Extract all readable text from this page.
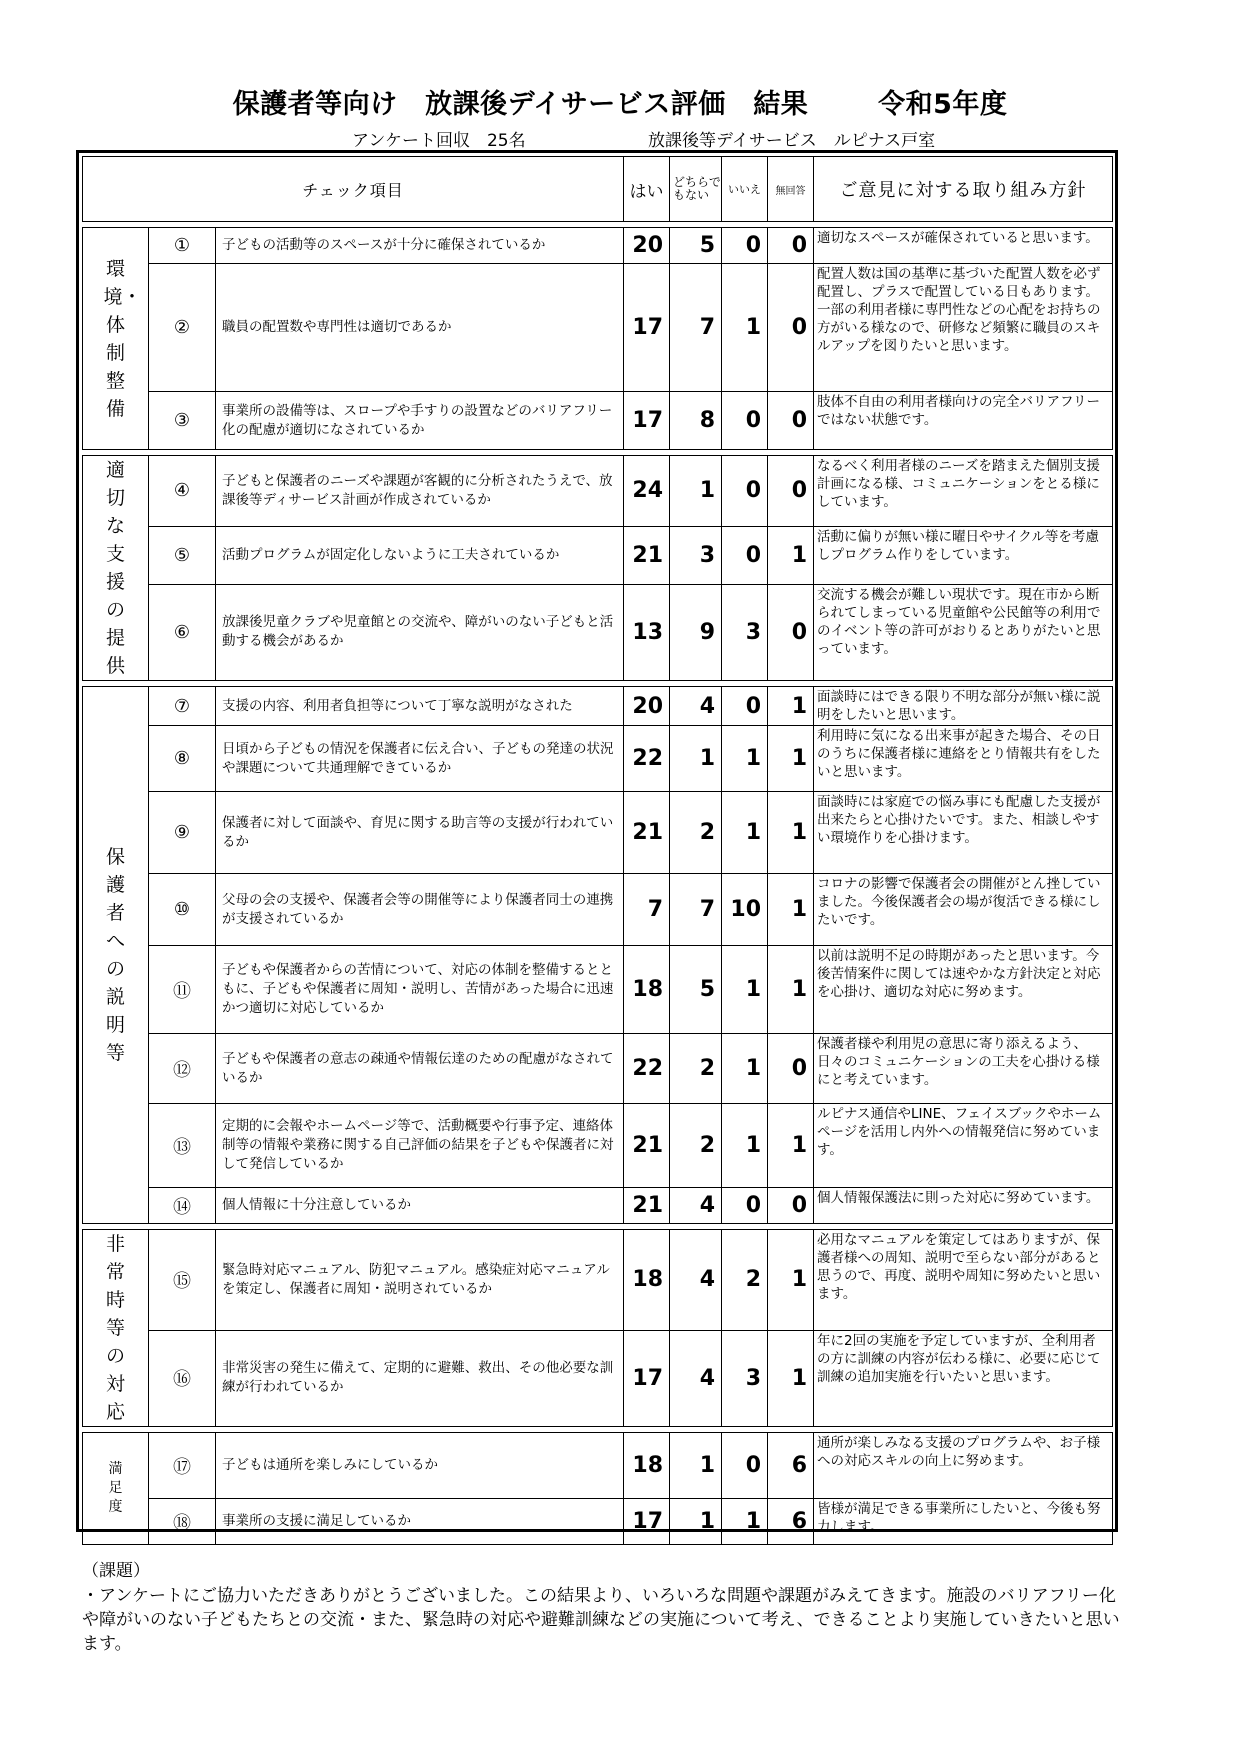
保護者等向け　放課後デイサービス評価　結果	令和5年度
アンケート回収　25名	放課後等デイサービス　ルピナス戸室
チェック項目			はい	どちらでもない	いいえ	無回答	ご意見に対する取り組み方針

環境・体制整備	①	子どもの活動等のスペースが十分に確保されているか	20	5	0	0	適切なスペースが確保されていると思います。
	②	職員の配置数や専門性は適切であるか	17	7	1	0	配置人数は国の基準に基づいた配置人数を必ず配置し、プラスで配置している日もあります。一部の利用者様に専門性などの心配をお持ちの方がいる様なので、研修など頻繁に職員のスキルアップを図りたいと思います。
	③	事業所の設備等は、スロープや手すりの設置などのバリアフリー化の配慮が適切になされているか	17	8	0	0	肢体不自由の利用者様向けの完全バリアフリーではない状態です。

適切な支援の提供	④	子どもと保護者のニーズや課題が客観的に分析されたうえで、放課後等ディサービス計画が作成されているか	24	1	0	0	なるべく利用者様のニーズを踏まえた個別支援計画になる様、コミュニケーションをとる様にしています。
	⑤	活動プログラムが固定化しないように工夫されているか	21	3	0	1	活動に偏りが無い様に曜日やサイクル等を考慮しプログラム作りをしています。
	⑥	放課後児童クラブや児童館との交流や、障がいのない子どもと活動する機会があるか	13	9	3	0	交流する機会が難しい現状です。現在市から断られてしまっている児童館や公民館等の利用でのイベント等の許可がおりるとありがたいと思っています。

保護者への説明等	⑦	支援の内容、利用者負担等について丁寧な説明がなされた	20	4	0	1	面談時にはできる限り不明な部分が無い様に説明をしたいと思います。
	⑧	日頃から子どもの情況を保護者に伝え合い、子どもの発達の状況や課題について共通理解できているか	22	1	1	1	利用時に気になる出来事が起きた場合、その日のうちに保護者様に連絡をとり情報共有をしたいと思います。
	⑨	保護者に対して面談や、育児に関する助言等の支援が行われているか	21	2	1	1	面談時には家庭での悩み事にも配慮した支援が出来たらと心掛けたいです。また、相談しやすい環境作りを心掛けます。
	⑩	父母の会の支援や、保護者会等の開催等により保護者同士の連携が支援されているか	7	7	10	1	コロナの影響で保護者会の開催がとん挫していました。今後保護者会の場が復活できる様にしたいです。
	⑪	子どもや保護者からの苦情について、対応の体制を整備するとともに、子どもや保護者に周知・説明し、苦情があった場合に迅速かつ適切に対応しているか	18	5	1	1	以前は説明不足の時期があったと思います。今後苦情案件に関しては速やかな方針決定と対応を心掛け、適切な対応に努めます。
	⑫	子どもや保護者の意志の疎通や情報伝達のための配慮がなされているか	22	2	1	0	保護者様や利用児の意思に寄り添えるよう、日々のコミュニケーションの工夫を心掛ける様にと考えています。
	⑬	定期的に会報やホームページ等で、活動概要や行事予定、連絡体制等の情報や業務に関する自己評価の結果を子どもや保護者に対して発信しているか	21	2	1	1	ルピナス通信やLINE、フェイスブックやホームページを活用し内外への情報発信に努めています。
	⑭	個人情報に十分注意しているか	21	4	0	0	個人情報保護法に則った対応に努めています。

非常時等の対応	⑮	緊急時対応マニュアル、防犯マニュアル。感染症対応マニュアルを策定し、保護者に周知・説明されているか	18	4	2	1	必用なマニュアルを策定してはありますが、保護者様への周知、説明で至らない部分があると思うので、再度、説明や周知に努めたいと思います。
	⑯	非常災害の発生に備えて、定期的に避難、救出、その他必要な訓練が行われているか	17	4	3	1	年に2回の実施を予定していますが、全利用者の方に訓練の内容が伝わる様に、必要に応じて訓練の追加実施を行いたいと思います。

満足度	⑰	子どもは通所を楽しみにしているか	18	1	0	6	通所が楽しみなる支援のプログラムや、お子様への対応スキルの向上に努めます。
	⑱	事業所の支援に満足しているか	17	1	1	6	皆様が満足できる事業所にしたいと、今後も努力します。
（課題）
・アンケートにご協力いただきありがとうございました。この結果より、いろいろな問題や課題がみえてきます。施設のバリアフリー化や障がいのない子どもたちとの交流・また、緊急時の対応や避難訓練などの実施について考え、できることより実施していきたいと思います。
